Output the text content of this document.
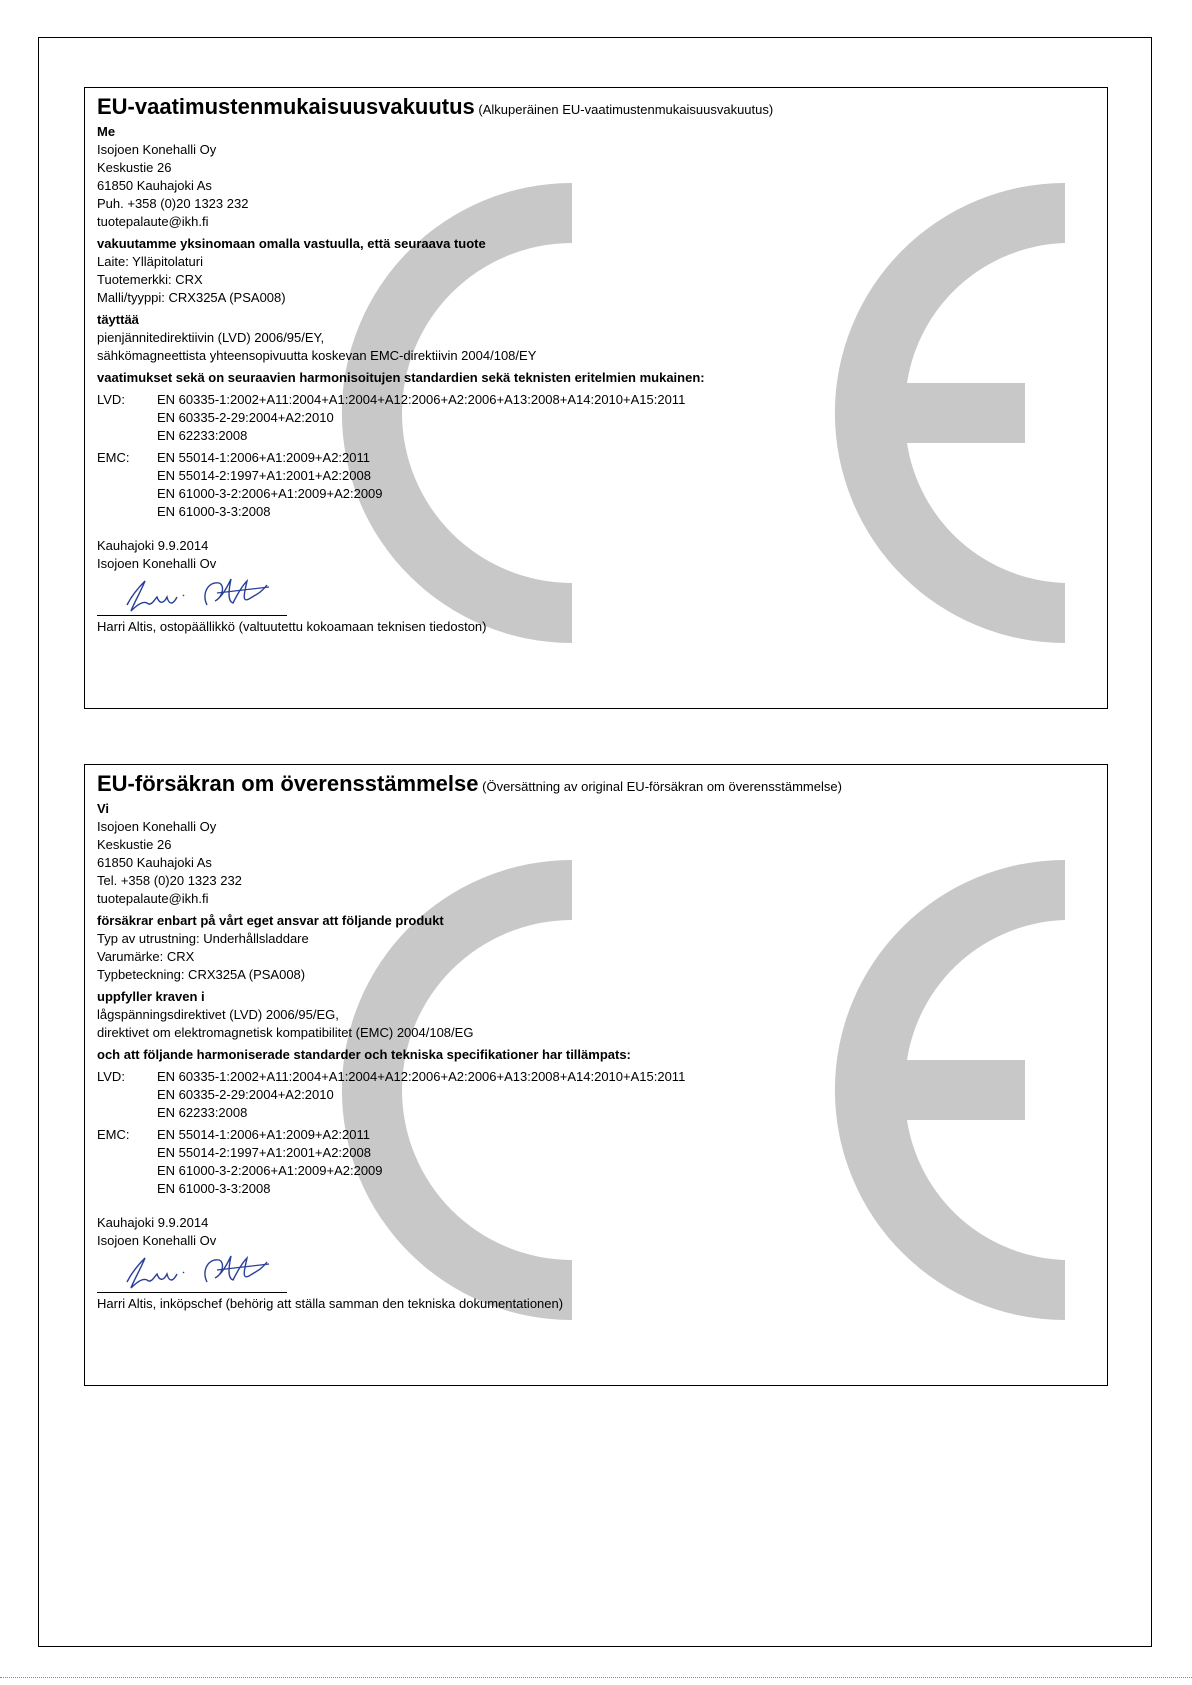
EU-vaatimustenmukaisuusvakuutus (Alkuperäinen EU-vaatimustenmukaisuusvakuutus)
Me
Isojoen Konehalli Oy
Keskustie 26
61850 Kauhajoki As
Puh. +358 (0)20 1323 232
tuotepalaute@ikh.fi
vakuutamme yksinomaan omalla vastuulla, että seuraava tuote
Laite: Ylläpitolaturi
Tuotemerkki: CRX
Malli/tyyppi: CRX325A (PSA008)
täyttää
pienjännitedirektiivin (LVD) 2006/95/EY,
sähkömagneettista yhteensopivuutta koskevan EMC-direktiivin 2004/108/EY
vaatimukset sekä on seuraavien harmonisoitujen standardien sekä teknisten eritelmien mukainen:
LVD:	EN 60335-1:2002+A11:2004+A1:2004+A12:2006+A2:2006+A13:2008+A14:2010+A15:2011
EN 60335-2-29:2004+A2:2010
EN 62233:2008
EMC:	EN 55014-1:2006+A1:2009+A2:2011
EN 55014-2:1997+A1:2001+A2:2008
EN 61000-3-2:2006+A1:2009+A2:2009
EN 61000-3-3:2008
Kauhajoki 9.9.2014
Isojoen Konehalli Ov
Harri Altis, ostopäällikkö (valtuutettu kokoamaan teknisen tiedoston)
EU-försäkran om överensstämmelse (Översättning av original EU-försäkran om överensstämmelse)
Vi
Isojoen Konehalli Oy
Keskustie 26
61850 Kauhajoki As
Tel. +358 (0)20 1323 232
tuotepalaute@ikh.fi
försäkrar enbart på vårt eget ansvar att följande produkt
Typ av utrustning: Underhållsladdare
Varumärke: CRX
Typbeteckning: CRX325A (PSA008)
uppfyller kraven i
lågspänningsdirektivet (LVD) 2006/95/EG,
direktivet om elektromagnetisk kompatibilitet (EMC) 2004/108/EG
och att följande harmoniserade standarder och tekniska specifikationer har tillämpats:
LVD:	EN 60335-1:2002+A11:2004+A1:2004+A12:2006+A2:2006+A13:2008+A14:2010+A15:2011
EN 60335-2-29:2004+A2:2010
EN 62233:2008
EMC:	EN 55014-1:2006+A1:2009+A2:2011
EN 55014-2:1997+A1:2001+A2:2008
EN 61000-3-2:2006+A1:2009+A2:2009
EN 61000-3-3:2008
Kauhajoki 9.9.2014
Isojoen Konehalli Ov
Harri Altis, inköpschef (behörig att ställa samman den tekniska dokumentationen)
